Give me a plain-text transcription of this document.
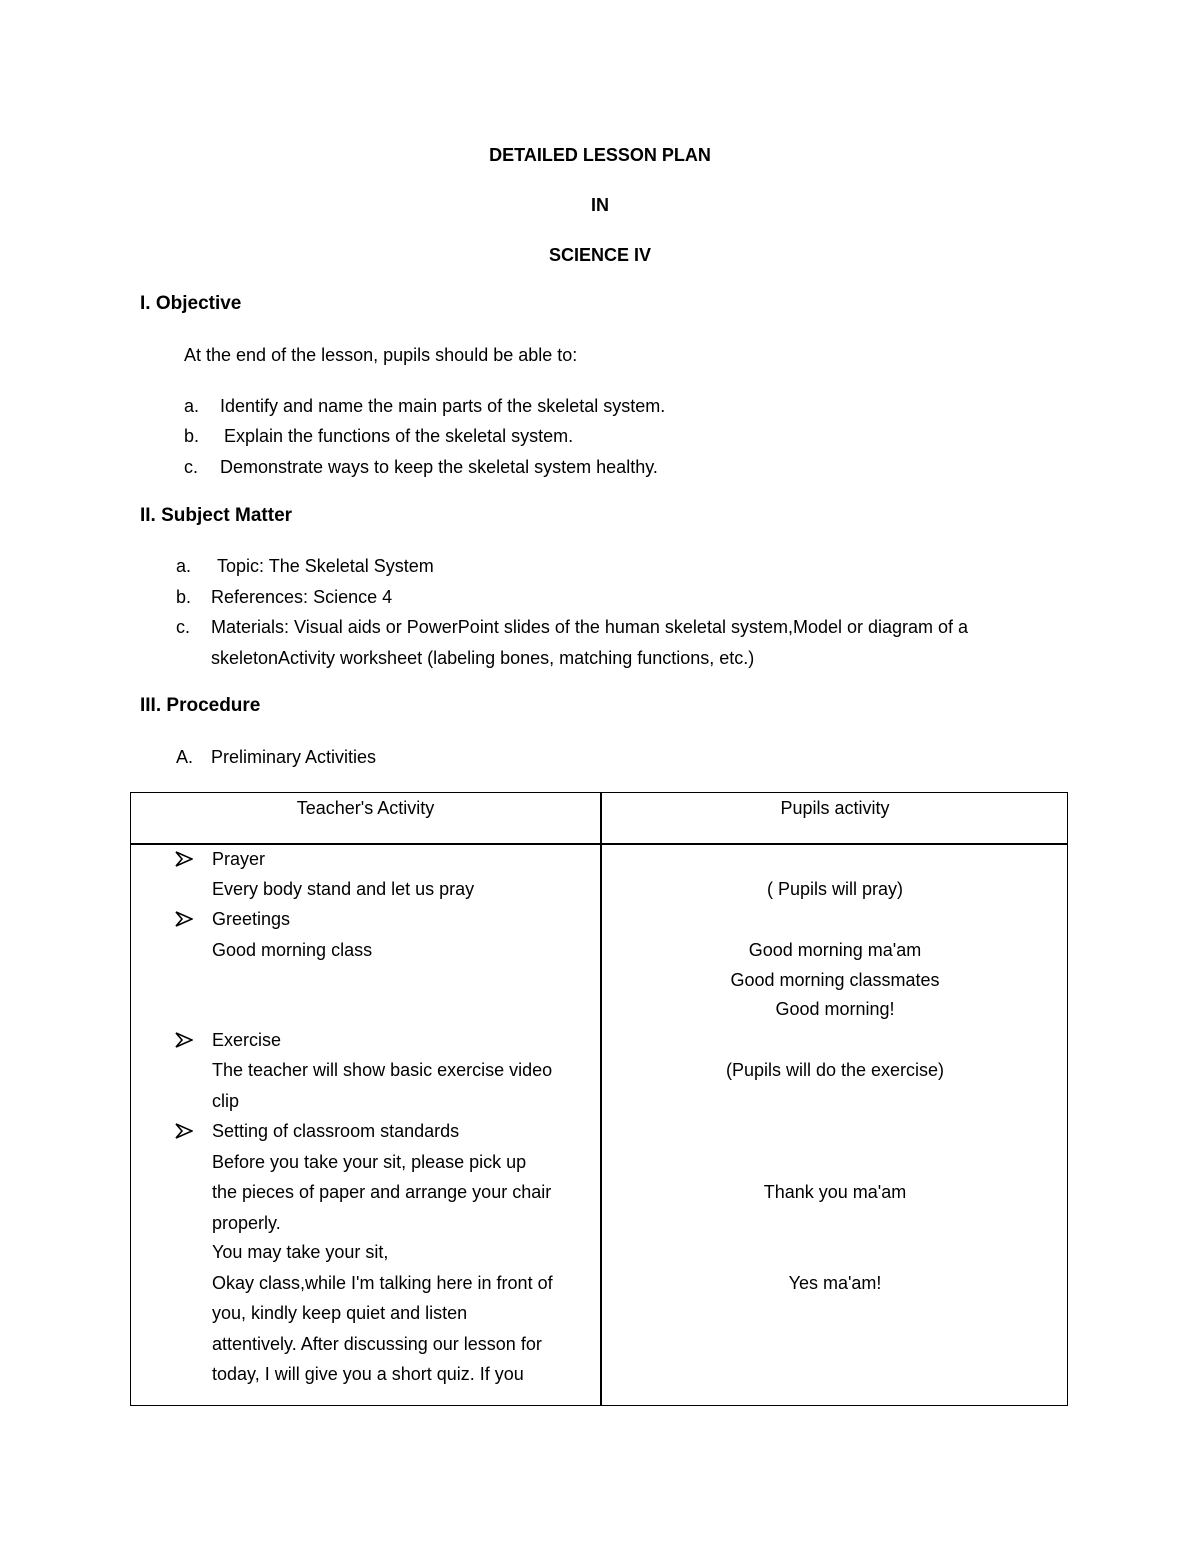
DETAILED LESSON PLAN
IN
SCIENCE IV
I. Objective
At the end of the lesson, pupils should be able to:
a. Identify and name the main parts of the skeletal system.
b. Explain the functions of the skeletal system.
c. Demonstrate ways to keep the skeletal system healthy.
II. Subject Matter
a. Topic: The Skeletal System
b. References: Science 4
c. Materials: Visual aids or PowerPoint slides of the human skeletal system,Model or diagram of a
skeletonActivity worksheet (labeling bones, matching functions, etc.)
III. Procedure
A. Preliminary Activities
Teacher's Activity	Pupils activity
Prayer
Every body stand and let us pray
Greetings
Good morning class
Exercise
The teacher will show basic exercise video
clip
Setting of classroom standards
Before you take your sit, please pick up
the pieces of paper and arrange your chair
properly.
You may take your sit,
Okay class,while I'm talking here in front of
you, kindly keep quiet and listen
attentively. After discussing our lesson for
today, I will give you a short quiz. If you
( Pupils will pray)
Good morning ma'am
Good morning classmates
Good morning!
(Pupils will do the exercise)
Thank you ma'am
Yes ma'am!
